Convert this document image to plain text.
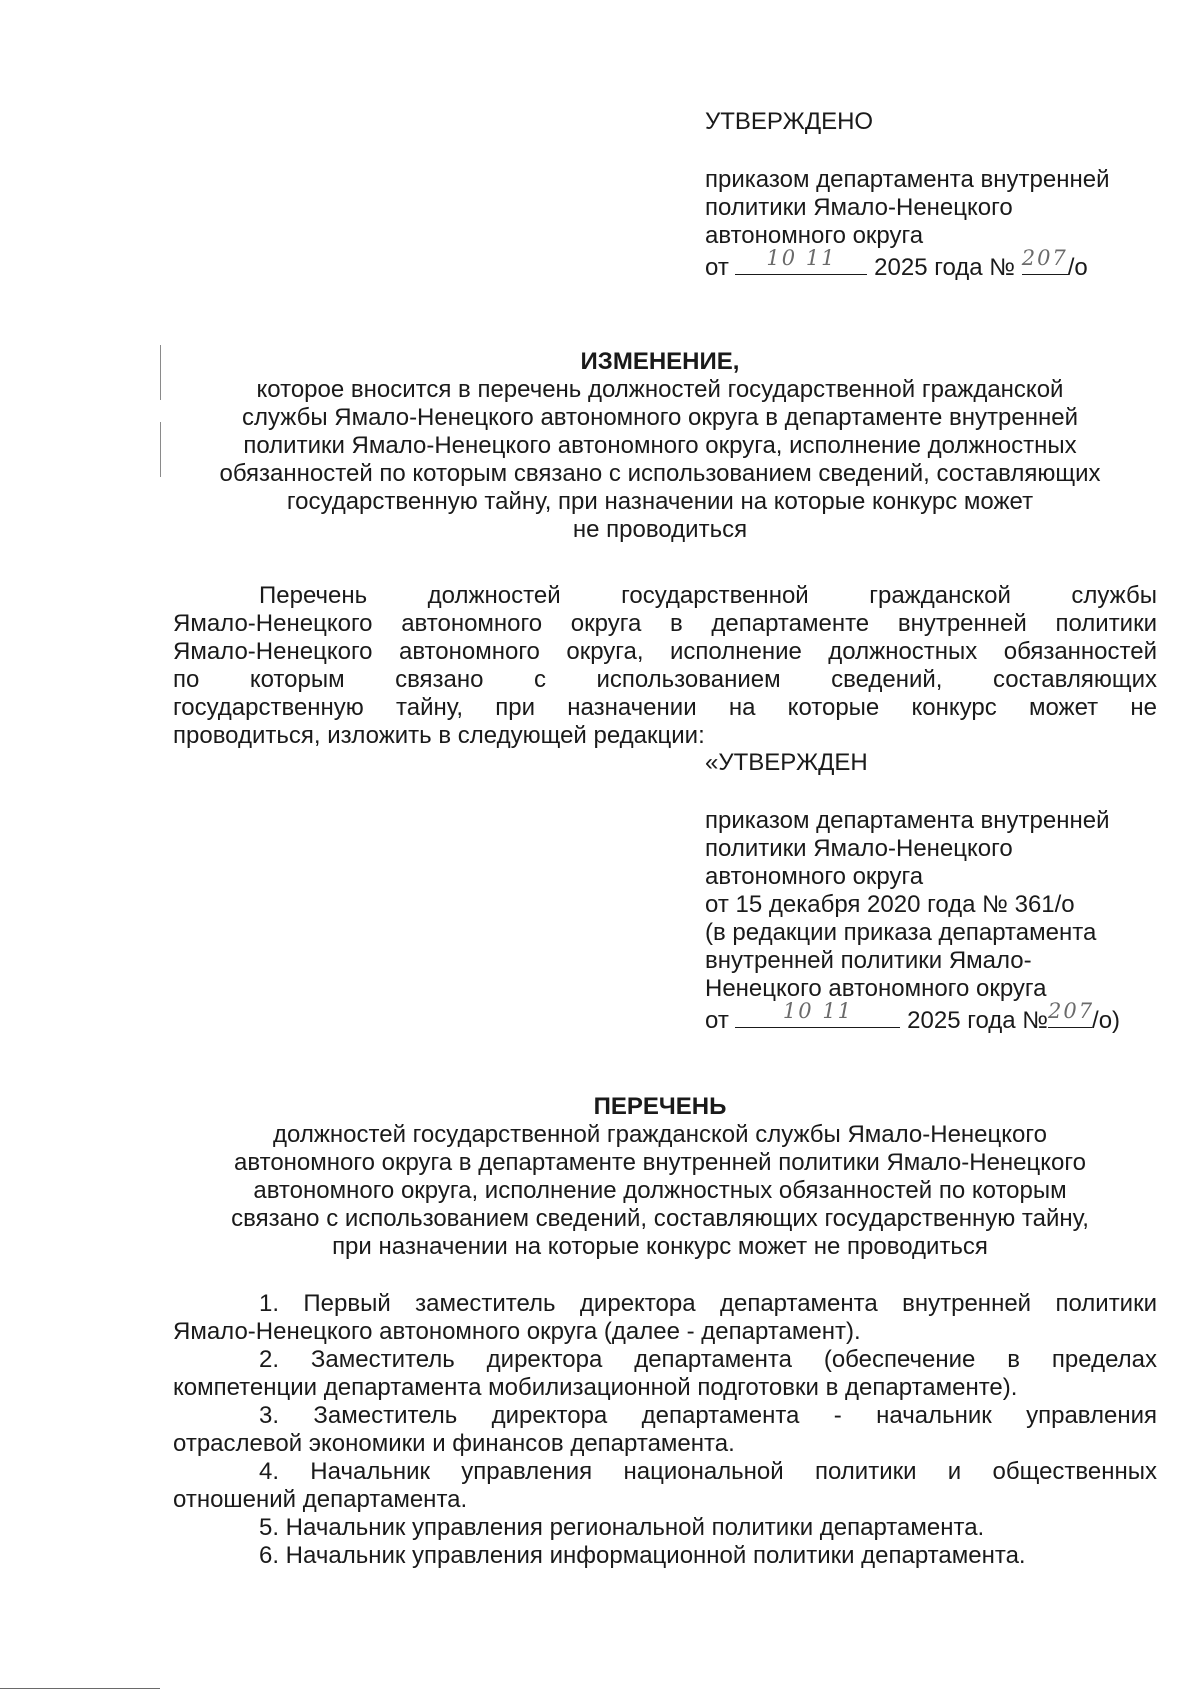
УТВЕРЖДЕНО
приказом департамента внутренней
политики Ямало-Ненецкого
автономного округа
от	10 11	2025 года № 207 /о
ИЗМЕНЕНИЕ,
которое вносится в перечень должностей государственной гражданской
службы Ямало-Ненецкого автономного округа в департаменте внутренней
политики Ямало-Ненецкого автономного округа, исполнение должностных
обязанностей по которым связано с использованием сведений, составляющих
государственную тайну, при назначении на которые конкурс может
не проводиться
Перечень должностей государственной гражданской службы
Ямало-Ненецкого автономного округа в департаменте внутренней политики
Ямало-Ненецкого автономного округа, исполнение должностных обязанностей
по которым связано с использованием сведений, составляющих
государственную тайну, при назначении на которые конкурс может не
проводиться, изложить в следующей редакции:
«УТВЕРЖДЕН
приказом департамента внутренней
политики Ямало-Ненецкого
автономного округа
от 15 декабря 2020 года № 361/о
(в редакции приказа департамента
внутренней политики Ямало-
Ненецкого автономного округа
от	10 11	2025 года № 207
/о)
ПЕРЕЧЕНЬ
должностей государственной гражданской службы Ямало-Ненецкого
автономного округа в департаменте внутренней политики Ямало-Ненецкого
автономного округа, исполнение должностных обязанностей по которым
связано с использованием сведений, составляющих государственную тайну,
при назначении на которые конкурс может не проводиться
1. Первый заместитель директора департамента внутренней политики
Ямало-Ненецкого автономного округа (далее - департамент).
2. Заместитель директора департамента (обеспечение в пределах
компетенции департамента мобилизационной подготовки в департаменте).
3. Заместитель директора департамента - начальник управления
отраслевой экономики и финансов департамента.
4. Начальник управления национальной политики и общественных
отношений департамента.
5. Начальник управления региональной политики департамента.
6. Начальник управления информационной политики департамента.
